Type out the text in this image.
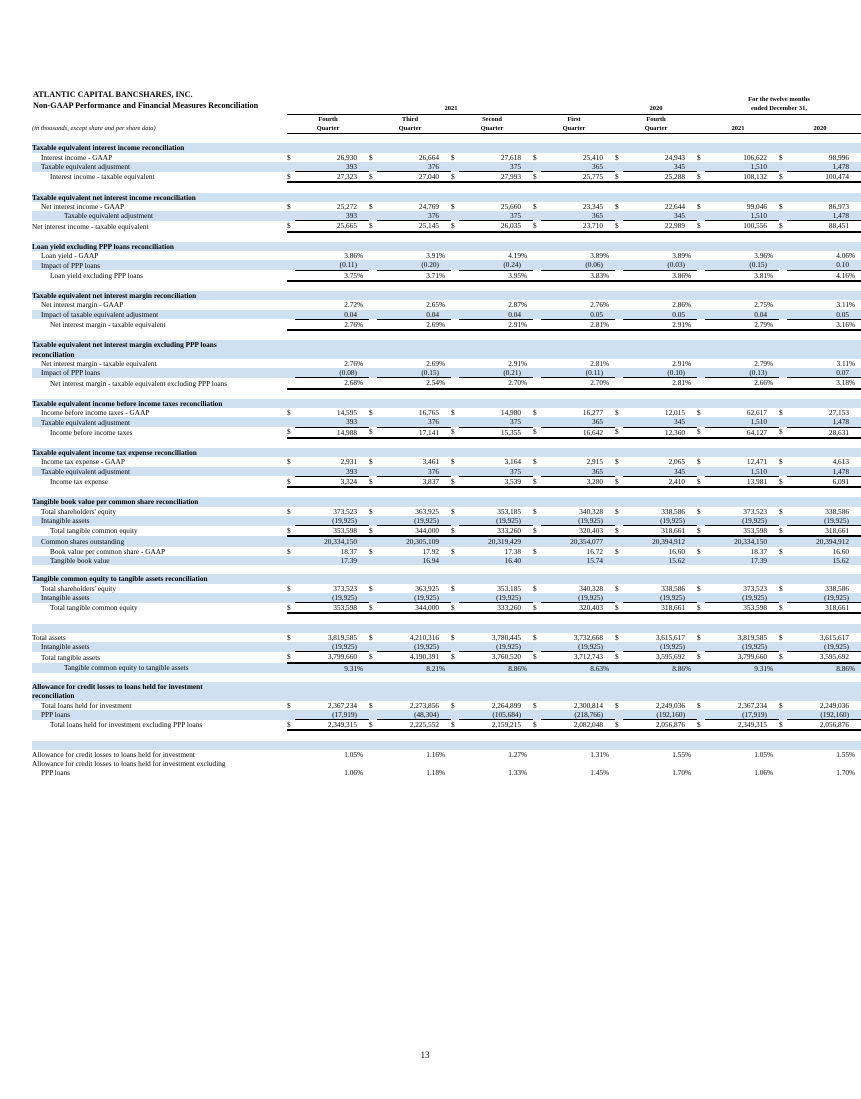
ATLANTIC CAPITAL BANCSHARES, INC.
Non-GAAP Performance and Financial Measures Reconciliation
																For the twelve months					
	2021												2020			ended December 31,					
	Fourth			Third			Second			First			Fourth								
(in thousands, except share and per share data)	Quarter			Quarter			Quarter			Quarter			Quarter			2021			2020		

Taxable equivalent interest income reconciliation																					
Interest income - GAAP	$	26,930		$	26,664		$	27,618		$	25,410		$	24,943		$	106,622		$	98,996	
Taxable equivalent adjustment		393			376			375			365			345			1,510			1,478	
Interest income - taxable equivalent	$	27,323		$	27,040		$	27,993		$	25,775		$	25,288		$	108,132		$	100,474	

Taxable equivalent net interest income reconciliation																					
Net interest income - GAAP	$	25,272		$	24,769		$	25,660		$	23,345		$	22,644		$	99,046		$	86,973	
Taxable equivalent adjustment		393			376			375			365			345			1,510			1,478	
Net interest income - taxable equivalent	$	25,665		$	25,145		$	26,035		$	23,710		$	22,989		$	100,556		$	88,451	

Loan yield excluding PPP loans reconciliation																					
Loan yield - GAAP		3.86	%		3.91	%		4.19	%		3.89	%		3.89	%		3.96	%		4.06	%
Impact of PPP loans		(0.11)			(0.20)			(0.24)			(0.06)			(0.03)			(0.15)			0.10	
Loan yield excluding PPP loans		3.75	%		3.71	%		3.95	%		3.83	%		3.86	%		3.81	%		4.16	%

Taxable equivalent net interest margin reconciliation																					
Net interest margin - GAAP		2.72	%		2.65	%		2.87	%		2.76	%		2.86	%		2.75	%		3.11	%
Impact of taxable equivalent adjustment		0.04			0.04			0.04			0.05			0.05			0.04			0.05	
Net interest margin - taxable equivalent		2.76	%		2.69	%		2.91	%		2.81	%		2.91	%		2.79	%		3.16	%

Taxable equivalent net interest margin excluding PPP loans																					
reconciliation																					
Net interest margin - taxable equivalent		2.76	%		2.69	%		2.91	%		2.81	%		2.91	%		2.79	%		3.11	%
Impact of PPP loans		(0.08)			(0.15)			(0.21)			(0.11)			(0.10)			(0.13)			0.07	
Net interest margin - taxable equivalent excluding PPP loans		2.68	%		2.54	%		2.70	%		2.70	%		2.81	%		2.66	%		3.18	%

Taxable equivalent income before income taxes reconciliation																					
Income before income taxes - GAAP	$	14,595		$	16,765		$	14,980		$	16,277		$	12,015		$	62,617		$	27,153	
Taxable equivalent adjustment		393			376			375			365			345			1,510			1,478	
Income before income taxes	$	14,988		$	17,141		$	15,355		$	16,642		$	12,360		$	64,127		$	28,631	

Taxable equivalent income tax expense reconciliation																					
Income tax expense - GAAP	$	2,931		$	3,461		$	3,164		$	2,915		$	2,065		$	12,471		$	4,613	
Taxable equivalent adjustment		393			376			375			365			345			1,510			1,478	
Income tax expense	$	3,324		$	3,837		$	3,539		$	3,280		$	2,410		$	13,981		$	6,091	

Tangible book value per common share reconciliation																					
Total shareholders' equity	$	373,523		$	363,925		$	353,185		$	340,328		$	338,586		$	373,523		$	338,586	
Intangible assets		(19,925)			(19,925)			(19,925)			(19,925)			(19,925)			(19,925)			(19,925)	
Total tangible common equity	$	353,598		$	344,000		$	333,260		$	320,403		$	318,661		$	353,598		$	318,661	
Common shares outstanding		20,334,150			20,305,109			20,319,429			20,354,077			20,394,912			20,334,150			20,394,912	
Book value per common share - GAAP	$	18.37		$	17.92		$	17.38		$	16.72		$	16.60		$	18.37		$	16.60	
Tangible book value		17.39			16.94			16.40			15.74			15.62			17.39			15.62	

Tangible common equity to tangible assets reconciliation																					
Total shareholders' equity	$	373,523		$	363,925		$	353,185		$	340,328		$	338,586		$	373,523		$	338,586	
Intangible assets		(19,925)			(19,925)			(19,925)			(19,925)			(19,925)			(19,925)			(19,925)	
Total tangible common equity	$	353,598		$	344,000		$	333,260		$	320,403		$	318,661		$	353,598		$	318,661	

Total assets	$	3,819,585		$	4,210,316		$	3,780,445		$	3,732,668		$	3,615,617		$	3,819,585		$	3,615,617	
Intangible assets		(19,925)			(19,925)			(19,925)			(19,925)			(19,925)			(19,925)			(19,925)	
Total tangible assets	$	3,799,660		$	4,190,391		$	3,760,520		$	3,712,743		$	3,595,692		$	3,799,660		$	3,595,692	
Tangible common equity to tangible assets		9.31	%		8.21	%		8.86	%		8.63	%		8.86	%		9.31	%		8.86	%

Allowance for credit losses to loans held for investment																					
reconciliation																					
Total loans held for investment	$	2,367,234		$	2,273,856		$	2,264,899		$	2,300,814		$	2,249,036		$	2,367,234		$	2,249,036	
PPP loans		(17,919)			(48,304)			(105,684)			(218,766)			(192,160)			(17,919)			(192,160)	
Total loans held for investment excluding PPP loans	$	2,349,315		$	2,225,552		$	2,159,215		$	2,082,048		$	2,056,876		$	2,349,315		$	2,056,876	

Allowance for credit losses to loans held for investment		1.05	%		1.16	%		1.27	%		1.31	%		1.55	%		1.05	%		1.55	%
Allowance for credit losses to loans held for investment excluding																					
PPP loans		1.06	%		1.18	%		1.33	%		1.45	%		1.70	%		1.06	%		1.70	%
13
